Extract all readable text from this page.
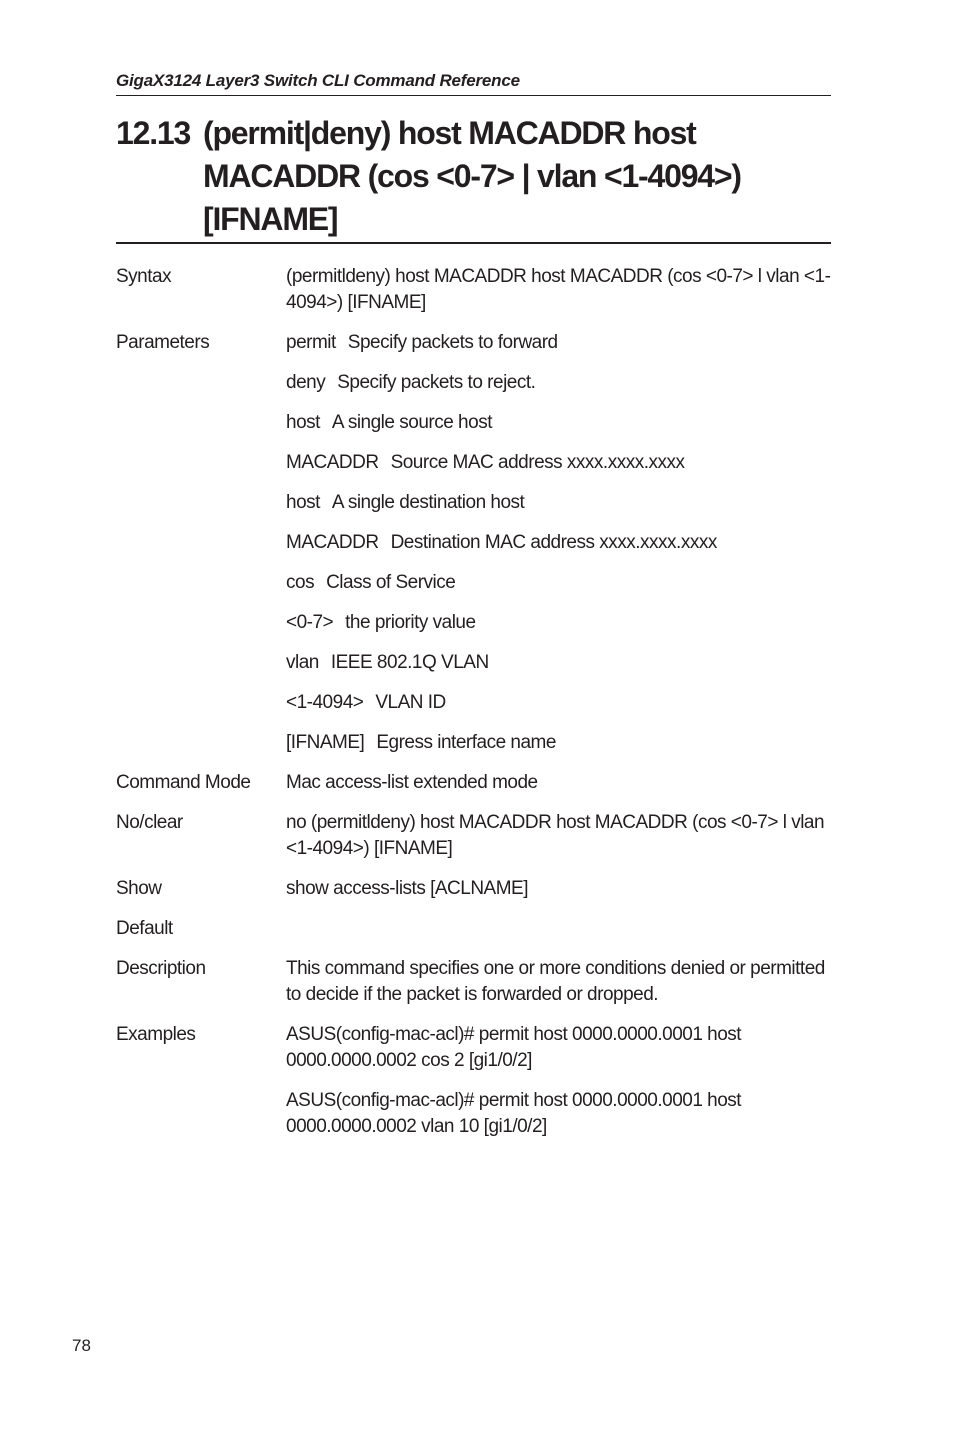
GigaX3124 Layer3 Switch CLI Command Reference
12.13 (permit|deny) host MACADDR host MACADDR (cos <0-7> | vlan <1-4094>) [IFNAME]
Syntax	(permitldeny) host MACADDR host MACADDR (cos <0-7> l vlan <1-4094>) [IFNAME]
Parameters	permit Specify packets to forward

deny Specify packets to reject.

host A single source host

MACADDR Source MAC address xxxx.xxxx.xxxx

host A single destination host

MACADDR Destination MAC address xxxx.xxxx.xxxx

cos Class of Service

<0-7> the priority value

vlan IEEE 802.1Q VLAN

<1-4094> VLAN ID

[IFNAME] Egress interface name

Command Mode	Mac access-list extended mode
No/clear	no (permitldeny) host MACADDR host MACADDR (cos <0-7> l vlan <1-4094>) [IFNAME]
Show	show access-lists [ACLNAME]
Default
Description	This command specifies one or more conditions denied or permitted to decide if the packet is forwarded or dropped.
Examples	ASUS(config-mac-acl)# permit host 0000.0000.0001 host 0000.0000.0002 cos 2 [gi1/0/2]

ASUS(config-mac-acl)# permit host 0000.0000.0001 host 0000.0000.0002 vlan 10 [gi1/0/2]

78
